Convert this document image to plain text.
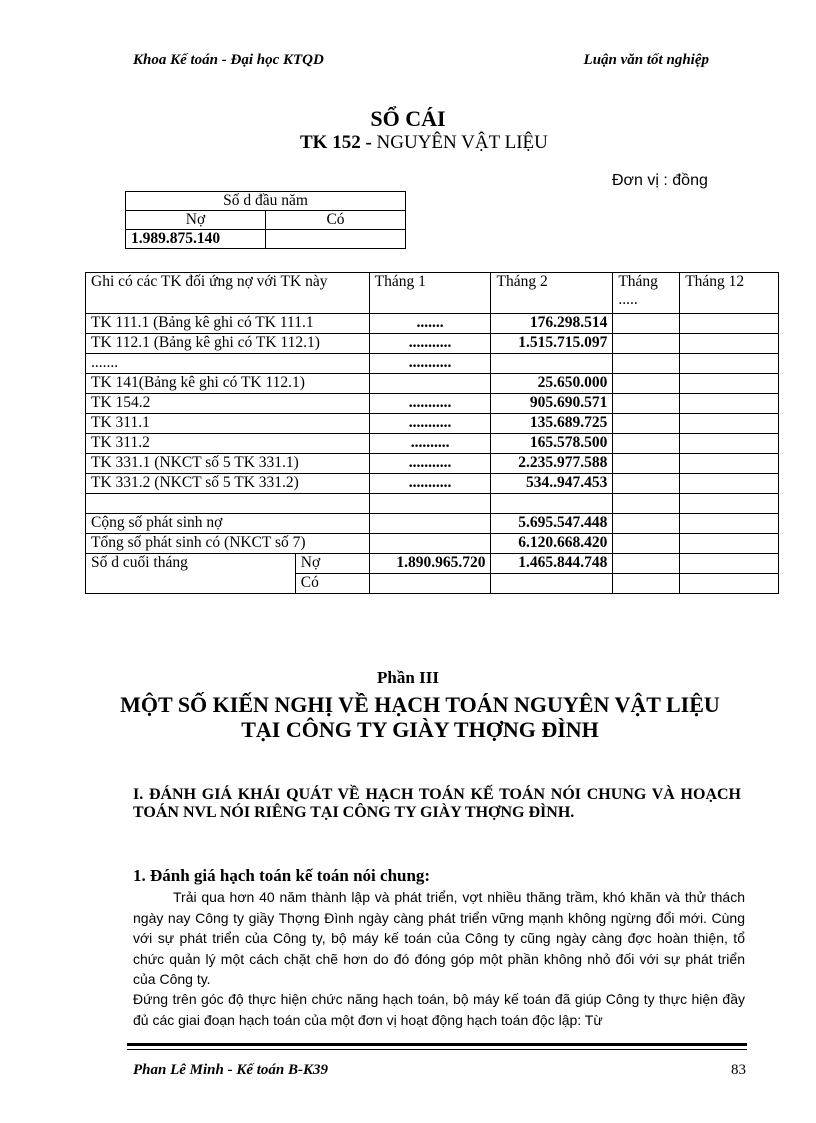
Khoa Kế toán - Đại học KTQD	Luận văn tốt nghiệp
SỔ CÁI
TK 152 - NGUYÊN VẬT LIỆU
Đơn vị : đồng
Số d đầu năm	
Nợ	Có
1.989.875.140	
Ghi có các TK đối ứng nợ với TK này		Tháng 1	Tháng 2	Tháng .....	Tháng 12
TK 111.1 (Bảng kê ghi có TK 111.1		.......	176.298.514		
TK 112.1 (Bảng kê ghi có TK 112.1)		...........	1.515.715.097		
.......		...........			
TK 141(Bảng kê ghi có TK 112.1)			25.650.000		
TK 154.2		...........	905.690.571		
TK 311.1		...........	135.689.725		
TK 311.2		..........	165.578.500		
TK 331.1 (NKCT số 5 TK 331.1)		...........	2.235.977.588		
TK 331.2 (NKCT số 5 TK 331.2)		...........	534..947.453		

Cộng số phát sinh nợ			5.695.547.448		
Tổng số phát sinh có (NKCT số 7)			6.120.668.420		
Số d cuối tháng	Nợ	1.890.965.720	1.465.844.748		
	Có				
Phần III
MỘT SỐ KIẾN NGHỊ VỀ HẠCH TOÁN NGUYÊN VẬT LIỆU TẠI CÔNG TY GIÀY THỢNG ĐÌNH
I. ĐÁNH GIÁ KHÁI QUÁT VỀ HẠCH TOÁN KẾ TOÁN NÓI CHUNG VÀ HOẠCH TOÁN NVL NÓI RIÊNG TẠI CÔNG TY GIÀY THỢNG ĐÌNH.
1. Đánh giá hạch toán kế toán nói chung:
Trải qua hơn 40 năm thành lập và phát triển, vợt nhiều thăng trầm, khó khăn và thử thách ngày nay Công ty giầy Thợng Đình ngày càng phát triển vững mạnh không ngừng đổi mới. Cùng với sự phát triển của Công ty, bộ máy kế toán của Công ty cũng ngày càng đợc hoàn thiện, tổ chức quản lý một cách chặt chẽ hơn do đó đóng góp một phần không nhỏ đối với sự phát triển của Công ty.
Đứng trên góc độ thực hiện chức năng hạch toán, bộ máy kế toán đã giúp Công ty thực hiện đầy đủ các giai đoạn hạch toán của một đơn vị hoạt động hạch toán độc lập: Từ
Phan Lê Minh - Kế toán B-K39	83
